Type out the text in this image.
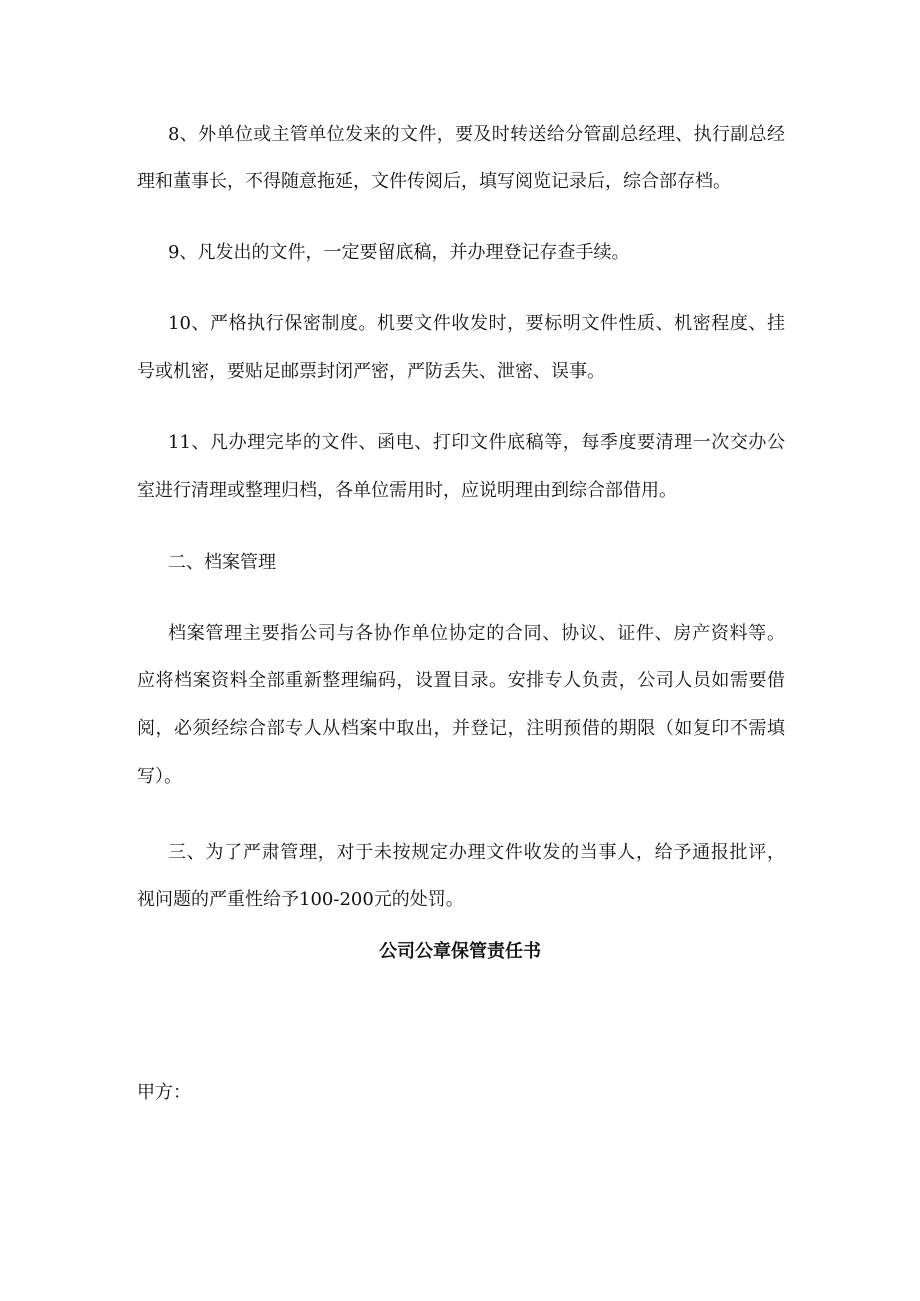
8、外单位或主管单位发来的文件，要及时转送给分管副总经理、执行副总经
理和董事长，不得随意拖延，文件传阅后，填写阅览记录后，综合部存档。
9、凡发出的文件，一定要留底稿，并办理登记存查手续。
10、严格执行保密制度。机要文件收发时，要标明文件性质、机密程度、挂
号或机密，要贴足邮票封闭严密，严防丢失、泄密、误事。
11、凡办理完毕的文件、函电、打印文件底稿等，每季度要清理一次交办公
室进行清理或整理归档，各单位需用时，应说明理由到综合部借用。
二、档案管理
档案管理主要指公司与各协作单位协定的合同、协议、证件、房产资料等。
应将档案资料全部重新整理编码，设置目录。安排专人负责，公司人员如需要借
阅，必须经综合部专人从档案中取出，并登记，注明预借的期限（如复印不需填
写）。
三、为了严肃管理，对于未按规定办理文件收发的当事人，给予通报批评，
视问题的严重性给予100-200元的处罚。
公司公章保管责任书
甲方：
